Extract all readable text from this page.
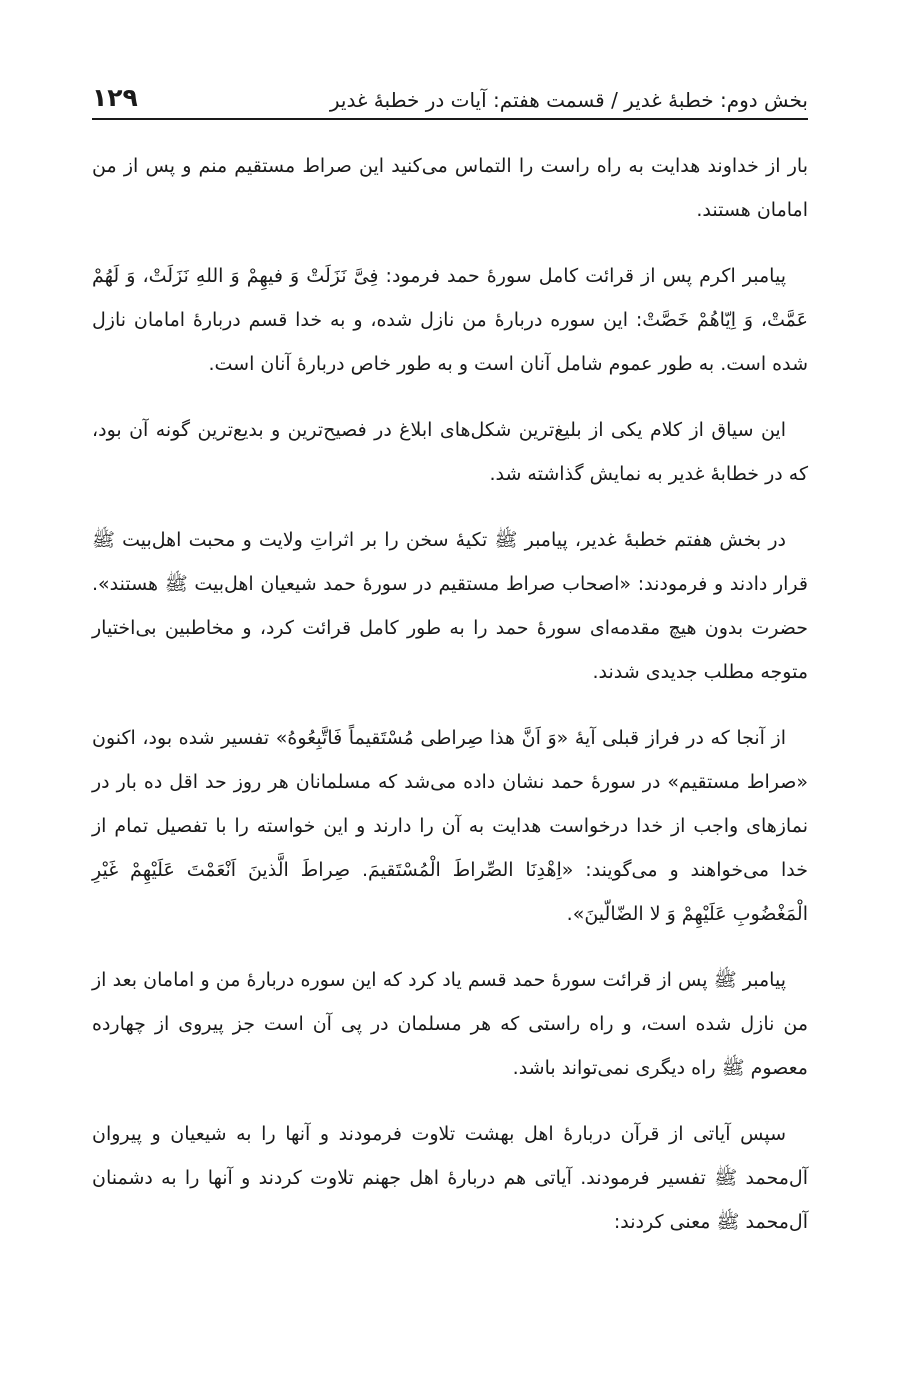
بخش دوم: خطبهٔ غدیر / قسمت هفتم: آیات در خطبهٔ غدیر
۱۲۹

بار از خداوند هدایت به راه راست را التماس می‌کنید این صراط مستقیم منم و پس از من امامان هستند.

پیامبر اکرم پس از قرائت کامل سورهٔ حمد فرمود: فِیَّ نَزَلَتْ وَ فیهِمْ وَ اللهِ نَزَلَتْ، وَ لَهُمْ عَمَّتْ، وَ اِیّاهُمْ خَصَّتْ: این سوره دربارهٔ من نازل شده، و به خدا قسم دربارهٔ امامان نازل شده است. به طور عموم شامل آنان است و به طور خاص دربارهٔ آنان است.

این سیاق از کلام یکی از بلیغ‌ترین شکل‌های ابلاغ در فصیح‌ترین و بدیع‌ترین گونه آن بود، که در خطابهٔ غدیر به نمایش گذاشته شد.

در بخش هفتم خطبهٔ غدیر، پیامبر ﷺ تکیهٔ سخن را بر اثراتِ ولایت و محبت اهل‌بیت ﷺ قرار دادند و فرمودند: «اصحاب صراط مستقیم در سورهٔ حمد شیعیان اهل‌بیت ﷺ هستند». حضرت بدون هیچ مقدمه‌ای سورهٔ حمد را به طور کامل قرائت کرد، و مخاطبین بی‌اختیار متوجه مطلب جدیدی شدند.

از آنجا که در فراز قبلی آیهٔ «وَ اَنَّ هذا صِراطی مُسْتَقیماً فَاتَّبِعُوهُ» تفسیر شده بود، اکنون «صراط مستقیم» در سورهٔ حمد نشان داده می‌شد که مسلمانان هر روز حد اقل ده بار در نمازهای واجب از خدا درخواست هدایت به آن را دارند و این خواسته را با تفصیل تمام از خدا می‌خواهند و می‌گویند: «اِهْدِنَا الصِّراطَ الْمُسْتَقیمَ. صِراطَ الَّذینَ اَنْعَمْتَ عَلَیْهِمْ غَیْرِ الْمَغْضُوبِ عَلَیْهِمْ وَ لا الضّالّینَ».

پیامبر ﷺ پس از قرائت سورهٔ حمد قسم یاد کرد که این سوره دربارهٔ من و امامان بعد از من نازل شده است، و راه راستی که هر مسلمان در پی آن است جز پیروی از چهارده معصوم ﷺ راه دیگری نمی‌تواند باشد.

سپس آیاتی از قرآن دربارهٔ اهل بهشت تلاوت فرمودند و آنها را به شیعیان و پیروان آل‌محمد ﷺ تفسیر فرمودند. آیاتی هم دربارهٔ اهل جهنم تلاوت کردند و آنها را به دشمنان آل‌محمد ﷺ معنی کردند:
